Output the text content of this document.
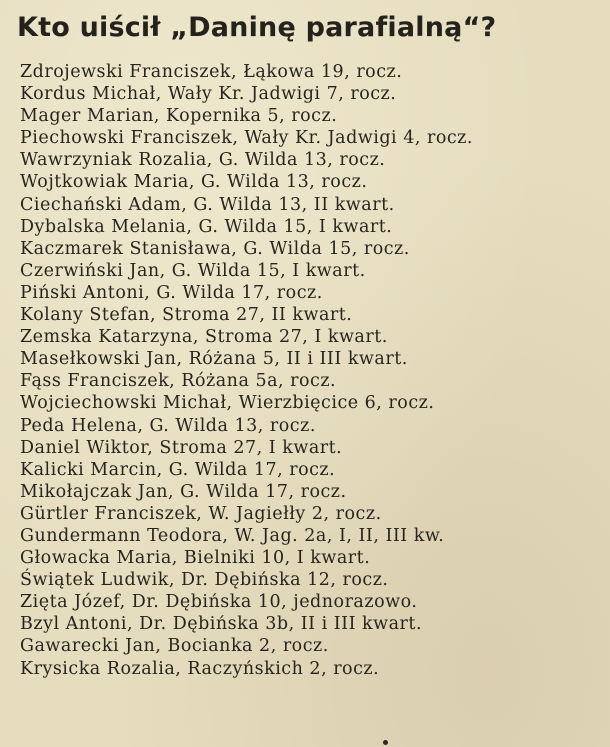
Kto uiścił „Daninę parafialną“?
Zdrojewski Franciszek, Łąkowa 19, rocz.
Kordus Michał, Wały Kr. Jadwigi 7, rocz.
Mager Marian, Kopernika 5, rocz.
Piechowski Franciszek, Wały Kr. Jadwigi 4, rocz.
Wawrzyniak Rozalia, G. Wilda 13, rocz.
Wojtkowiak Maria, G. Wilda 13, rocz.
Ciechański Adam, G. Wilda 13, II kwart.
Dybalska Melania, G. Wilda 15, I kwart.
Kaczmarek Stanisława, G. Wilda 15, rocz.
Czerwiński Jan, G. Wilda 15, I kwart.
Piński Antoni, G. Wilda 17, rocz.
Kolany Stefan, Stroma 27, II kwart.
Zemska Katarzyna, Stroma 27, I kwart.
Masełkowski Jan, Różana 5, II i III kwart.
Fąss Franciszek, Różana 5a, rocz.
Wojciechowski Michał, Wierzbięcice 6, rocz.
Peda Helena, G. Wilda 13, rocz.
Daniel Wiktor, Stroma 27, I kwart.
Kalicki Marcin, G. Wilda 17, rocz.
Mikołajczak Jan, G. Wilda 17, rocz.
Gürtler Franciszek, W. Jagiełły 2, rocz.
Gundermann Teodora, W. Jag. 2a, I, II, III kw.
Głowacka Maria, Bielniki 10, I kwart.
Świątek Ludwik, Dr. Dębińska 12, rocz.
Zięta Józef, Dr. Dębińska 10, jednorazowo.
Bzyl Antoni, Dr. Dębińska 3b, II i III kwart.
Gawarecki Jan, Bocianka 2, rocz.
Krysicka Rozalia, Raczyńskich 2, rocz.
